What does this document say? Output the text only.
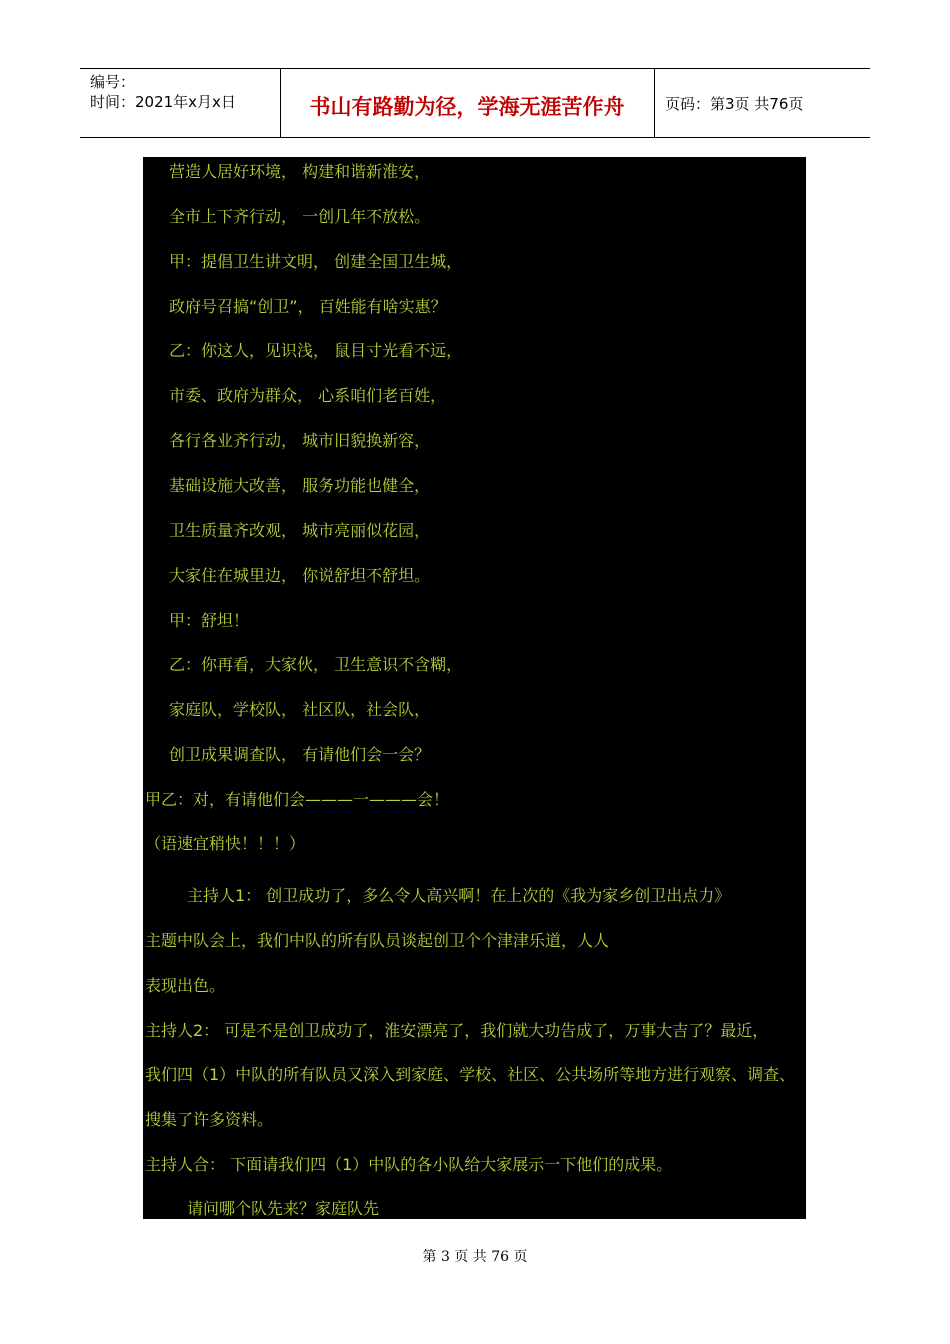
编号：
时间：2021年x月x日	书山有路勤为径，学海无涯苦作舟	页码：第3页 共76页
营造人居好环境， 构建和谐新淮安，
全市上下齐行动， 一创几年不放松。
甲：提倡卫生讲文明， 创建全国卫生城，
政府号召搞“创卫”， 百姓能有啥实惠？
乙：你这人，见识浅， 鼠目寸光看不远，
市委、政府为群众， 心系咱们老百姓，
各行各业齐行动， 城市旧貌换新容，
基础设施大改善， 服务功能也健全，
卫生质量齐改观， 城市亮丽似花园，
大家住在城里边， 你说舒坦不舒坦。
甲：舒坦！
乙：你再看，大家伙， 卫生意识不含糊，
家庭队，学校队， 社区队，社会队，
创卫成果调查队， 有请他们会一会？
甲乙：对，有请他们会———一———会！
（语速宜稍快！！！）
主持人1： 创卫成功了，多么令人高兴啊！在上次的《我为家乡创卫出点力》
主题中队会上，我们中队的所有队员谈起创卫个个津津乐道，人人
表现出色。
主持人2： 可是不是创卫成功了，淮安漂亮了，我们就大功告成了，万事大吉了？最近，
我们四（1）中队的所有队员又深入到家庭、学校、社区、公共场所等地方进行观察、调查、
搜集了许多资料。
主持人合： 下面请我们四（1）中队的各小队给大家展示一下他们的成果。
请问哪个队先来？家庭队先
第 3 页 共 76 页
